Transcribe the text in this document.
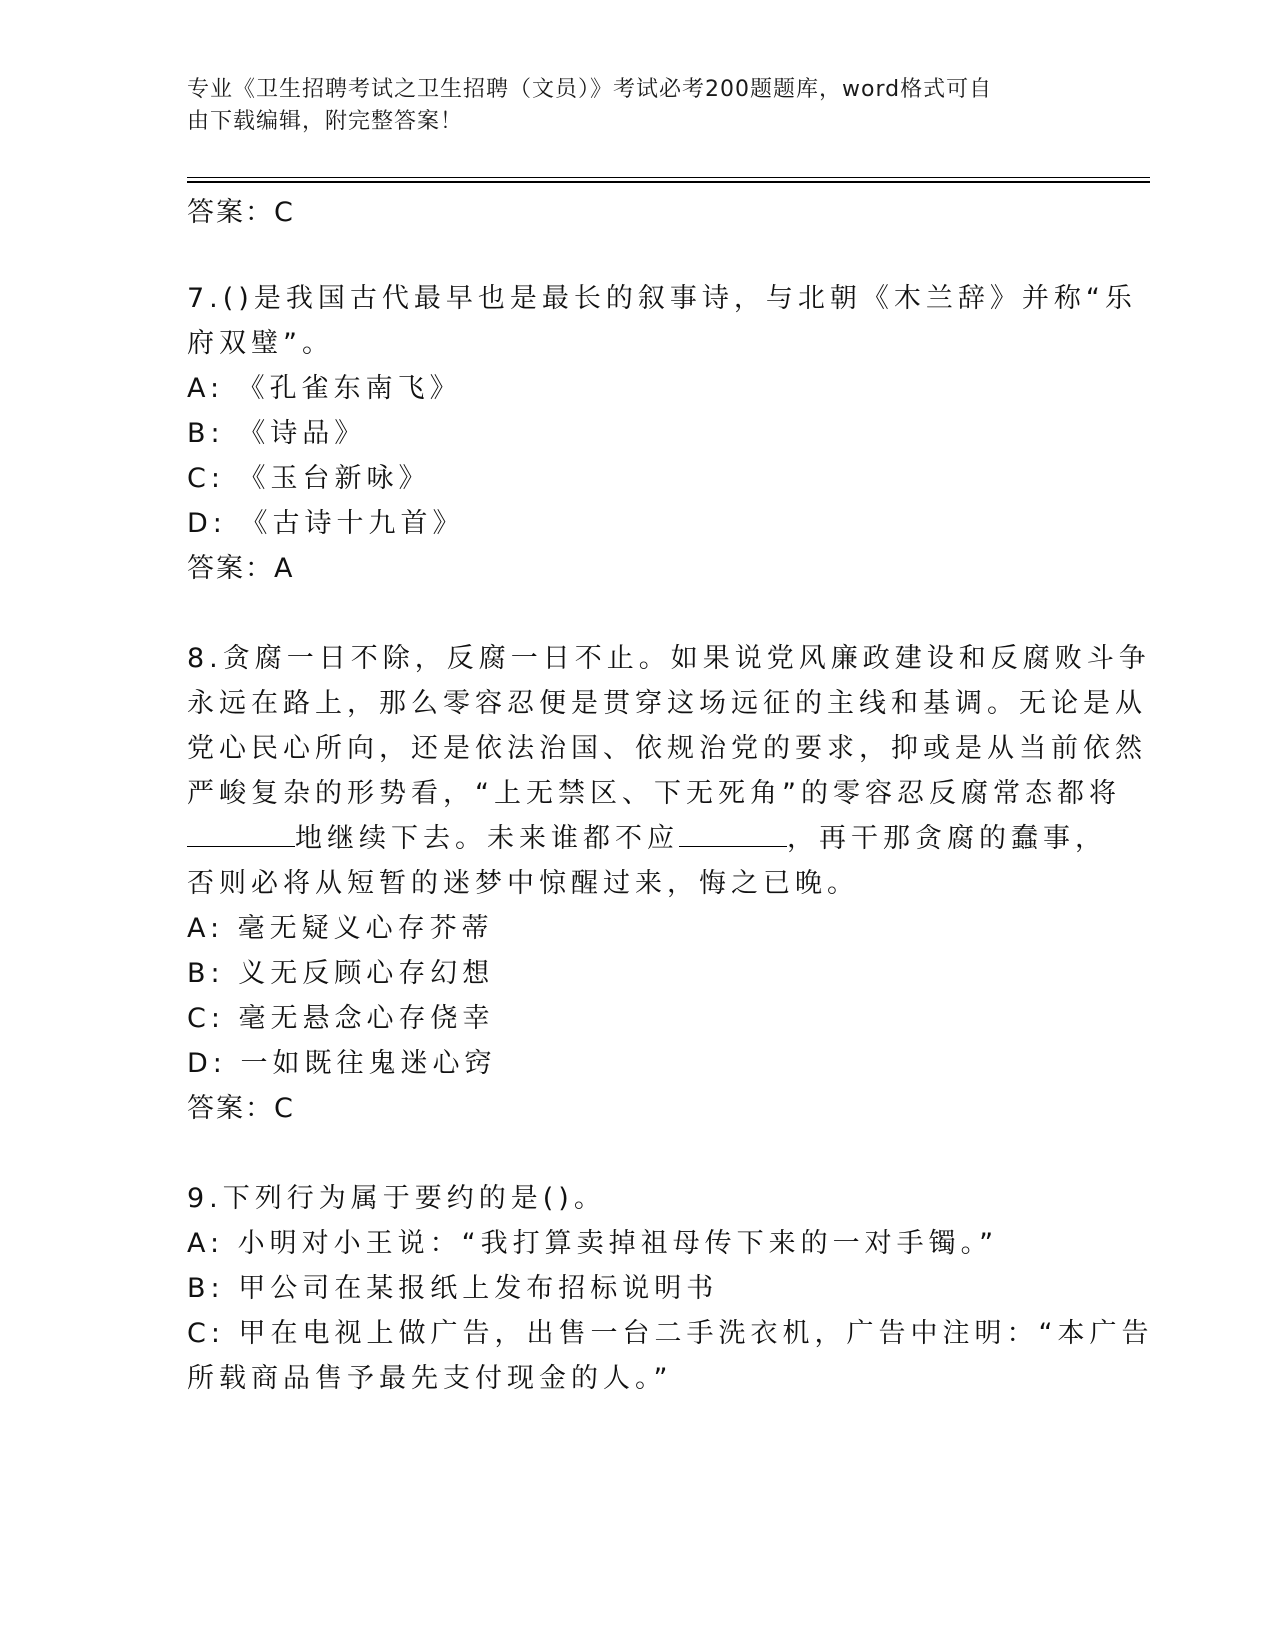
专业《卫生招聘考试之卫生招聘（文员）》考试必考200题题库，word格式可自
由下载编辑，附完整答案！
答案：C
7.()是我国古代最早也是最长的叙事诗，与北朝《木兰辞》并称“乐
府双璧”。
A: 《孔雀东南飞》
B: 《诗品》
C: 《玉台新咏》
D: 《古诗十九首》
答案：A
8.贪腐一日不除，反腐一日不止。如果说党风廉政建设和反腐败斗争
永远在路上，那么零容忍便是贯穿这场远征的主线和基调。无论是从
党心民心所向，还是依法治国、依规治党的要求，抑或是从当前依然
严峻复杂的形势看，“上无禁区、下无死角”的零容忍反腐常态都将
地继续下去。未来谁都不应	，再干那贪腐的蠢事，
否则必将从短暂的迷梦中惊醒过来，悔之已晚。
A: 毫无疑义心存芥蒂
B: 义无反顾心存幻想
C: 毫无悬念心存侥幸
D: 一如既往鬼迷心窍
答案：C
9.下列行为属于要约的是()。
A: 小明对小王说：“我打算卖掉祖母传下来的一对手镯。”
B: 甲公司在某报纸上发布招标说明书
C: 甲在电视上做广告，出售一台二手洗衣机，广告中注明：“本广告
所载商品售予最先支付现金的人。”
